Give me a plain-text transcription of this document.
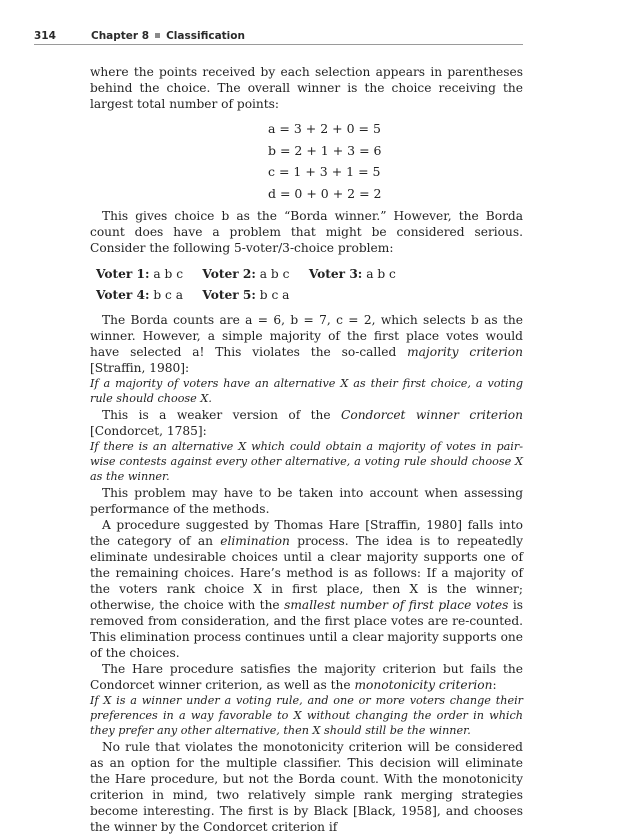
314	Chapter 8 Classification

where the points received by each selection appears in parentheses behind the choice. The overall winner is the choice receiving the largest total number of points:

a = 3 + 2 + 0 = 5
b = 2 + 1 + 3 = 6
c = 1 + 3 + 1 = 5
d = 0 + 0 + 2 = 2

This gives choice b as the “Borda winner.” However, the Borda count does have a problem that might be considered serious. Consider the following 5-voter/3-choice problem:

Voter 1: a b c Voter 2: a b c Voter 3: a b c
Voter 4: b c a Voter 5: b c a

The Borda counts are a = 6, b = 7, c = 2, which selects b as the winner. However, a simple majority of the first place votes would have selected a! This violates the so-called majority criterion [Straffin, 1980]:

If a majority of voters have an alternative X as their first choice, a voting rule should choose X.

This is a weaker version of the Condorcet winner criterion [Condorcet, 1785]:

If there is an alternative X which could obtain a majority of votes in pair-wise contests against every other alternative, a voting rule should choose X as the winner.

This problem may have to be taken into account when assessing performance of the methods.

A procedure suggested by Thomas Hare [Straffin, 1980] falls into the category of an elimination process. The idea is to repeatedly eliminate undesirable choices until a clear majority supports one of the remaining choices. Hare’s method is as follows: If a majority of the voters rank choice X in first place, then X is the winner; otherwise, the choice with the smallest number of first place votes is removed from consideration, and the first place votes are re-counted. This elimination process continues until a clear majority supports one of the choices.

The Hare procedure satisfies the majority criterion but fails the Condorcet winner criterion, as well as the monotonicity criterion:

If X is a winner under a voting rule, and one or more voters change their preferences in a way favorable to X without changing the order in which they prefer any other alternative, then X should still be the winner.

No rule that violates the monotonicity criterion will be considered as an option for the multiple classifier. This decision will eliminate the Hare procedure, but not the Borda count. With the monotonicity criterion in mind, two relatively simple rank merging strategies become interesting. The first is by Black [Black, 1958], and chooses the winner by the Condorcet criterion if
